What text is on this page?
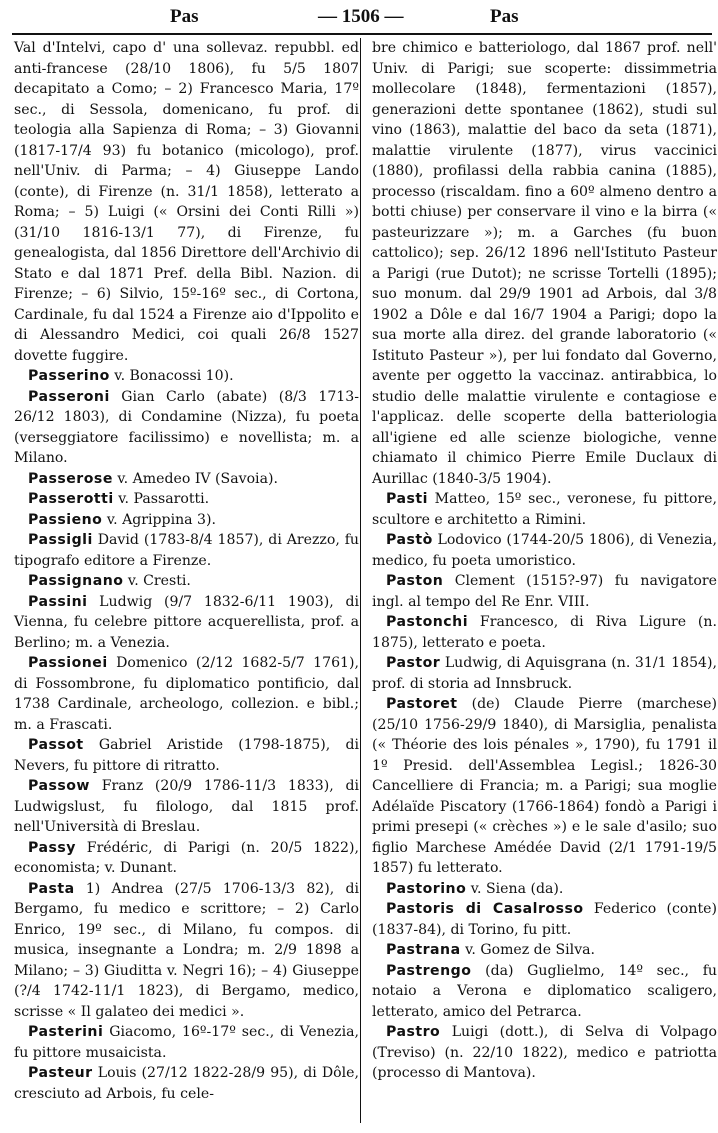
Pas	— 1506 —	Pas

Val d'Intelvi, capo d' una sollevaz. repubbl. ed anti-francese (28/10 1806), fu 5/5 1807 decapitato a Como; – 2) Francesco Maria, 17º sec., di Sessola, domenicano, fu prof. di teologia alla Sapienza di Roma; – 3) Giovanni (1817-17/4 93) fu botanico (micologo), prof. nell'Univ. di Parma; – 4) Giuseppe Lando (conte), di Firenze (n. 31/1 1858), letterato a Roma; – 5) Luigi (« Orsini dei Conti Rilli ») (31/10 1816-13/1 77), di Firenze, fu genealogista, dal 1856 Direttore dell'Archivio di Stato e dal 1871 Pref. della Bibl. Nazion. di Firenze; – 6) Silvio, 15º-16º sec., di Cortona, Cardinale, fu dal 1524 a Firenze aio d'Ippolito e di Alessandro Medici, coi quali 26/8 1527 dovette fuggire.

Passerino v. Bonacossi 10).

Passeroni Gian Carlo (abate) (8/3 1713-26/12 1803), di Condamine (Nizza), fu poeta (verseggiatore facilissimo) e novellista; m. a Milano.

Passerose v. Amedeo IV (Savoia).

Passerotti v. Passarotti.

Passieno v. Agrippina 3).

Passigli David (1783-8/4 1857), di Arezzo, fu tipografo editore a Firenze.

Passignano v. Cresti.

Passini Ludwig (9/7 1832-6/11 1903), di Vienna, fu celebre pittore acquerellista, prof. a Berlino; m. a Venezia.

Passionei Domenico (2/12 1682-5/7 1761), di Fossombrone, fu diplomatico pontificio, dal 1738 Cardinale, archeologo, collezion. e bibl.; m. a Frascati.

Passot Gabriel Aristide (1798-1875), di Nevers, fu pittore di ritratto.

Passow Franz (20/9 1786-11/3 1833), di Ludwigslust, fu filologo, dal 1815 prof. nell'Università di Breslau.

Passy Frédéric, di Parigi (n. 20/5 1822), economista; v. Dunant.

Pasta 1) Andrea (27/5 1706-13/3 82), di Bergamo, fu medico e scrittore; – 2) Carlo Enrico, 19º sec., di Milano, fu compos. di musica, insegnante a Londra; m. 2/9 1898 a Milano; – 3) Giuditta v. Negri 16); – 4) Giuseppe (?/4 1742-11/1 1823), di Bergamo, medico, scrisse « Il galateo dei medici ».

Pasterini Giacomo, 16º-17º sec., di Venezia, fu pittore musaicista.

Pasteur Louis (27/12 1822-28/9 95), di Dôle, cresciuto ad Arbois, fu cele-

bre chimico e batteriologo, dal 1867 prof. nell' Univ. di Parigi; sue scoperte: dissimmetria mollecolare (1848), fermentazioni (1857), generazioni dette spontanee (1862), studi sul vino (1863), malattie del baco da seta (1871), malattie virulente (1877), virus vaccinici (1880), profilassi della rabbia canina (1885), processo (riscaldam. fino a 60º almeno dentro a botti chiuse) per conservare il vino e la birra (« pasteurizzare »); m. a Garches (fu buon cattolico); sep. 26/12 1896 nell'Istituto Pasteur a Parigi (rue Dutot); ne scrisse Tortelli (1895); suo monum. dal 29/9 1901 ad Arbois, dal 3/8 1902 a Dôle e dal 16/7 1904 a Parigi; dopo la sua morte alla direz. del grande laboratorio (« Istituto Pasteur »), per lui fondato dal Governo, avente per oggetto la vaccinaz. antirabbica, lo studio delle malattie virulente e contagiose e l'applicaz. delle scoperte della batteriologia all'igiene ed alle scienze biologiche, venne chiamato il chimico Pierre Emile Duclaux di Aurillac (1840-3/5 1904).

Pasti Matteo, 15º sec., veronese, fu pittore, scultore e architetto a Rimini.

Pastò Lodovico (1744-20/5 1806), di Venezia, medico, fu poeta umoristico.

Paston Clement (1515?-97) fu navigatore ingl. al tempo del Re Enr. VIII.

Pastonchi Francesco, di Riva Ligure (n. 1875), letterato e poeta.

Pastor Ludwig, di Aquisgrana (n. 31/1 1854), prof. di storia ad Innsbruck.

Pastoret (de) Claude Pierre (marchese) (25/10 1756-29/9 1840), di Marsiglia, penalista (« Théorie des lois pénales », 1790), fu 1791 il 1º Presid. dell'Assemblea Legisl.; 1826-30 Cancelliere di Francia; m. a Parigi; sua moglie Adélaïde Piscatory (1766-1864) fondò a Parigi i primi presepi (« crèches ») e le sale d'asilo; suo figlio Marchese Amédée David (2/1 1791-19/5 1857) fu letterato.

Pastorino v. Siena (da).

Pastoris di Casalrosso Federico (conte) (1837-84), di Torino, fu pitt.

Pastrana v. Gomez de Silva.

Pastrengo (da) Guglielmo, 14º sec., fu notaio a Verona e diplomatico scaligero, letterato, amico del Petrarca.

Pastro Luigi (dott.), di Selva di Volpago (Treviso) (n. 22/10 1822), medico e patriotta (processo di Mantova).
